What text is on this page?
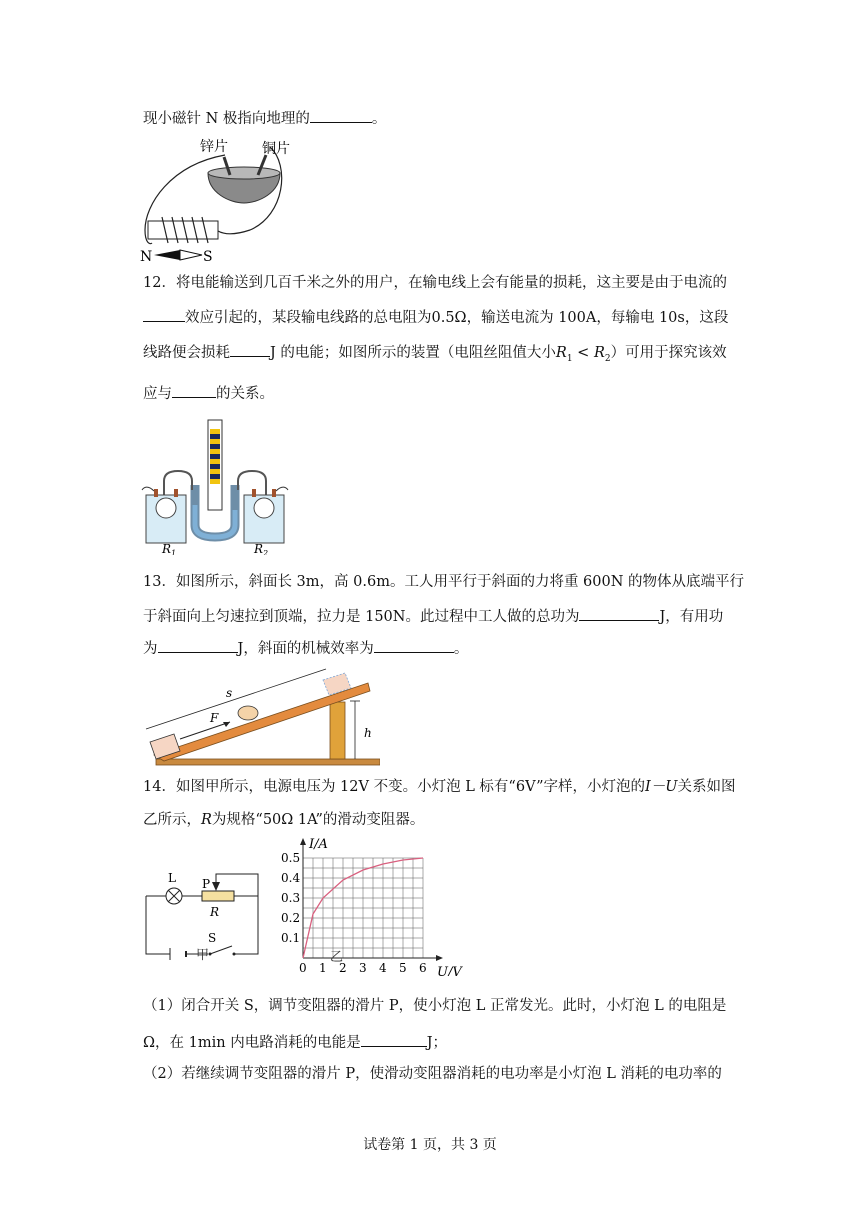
现小磁针 N 极指向地理的	。
锌片 铜片
N	S
12．将电能输送到几百千米之外的用户，在输电线上会有能量的损耗，这主要是由于电流的
效应引起的，某段输电线路的总电阻为0.5Ω，输送电流为 100A，每输电 10s，这段
线路便会损耗	J 的电能；如图所示的装置（电阻丝阻值大小$R_1 < R_2$）可用于探究该效
应与	的关系。
$R_1$	$R_2$
13．如图所示，斜面长 3m，高 0.6m。工人用平行于斜面的力将重 600N 的物体从底端平行
于斜面向上匀速拉到顶端，拉力是 150N。此过程中工人做的总功为	J，有用功
为	J，斜面的机械效率为	。
s
F
h
14．如图甲所示，电源电压为 12V 不变。小灯泡 L 标有“6V”字样，小灯泡的I－U关系如图
乙所示，R为规格“50Ω 1A”的滑动变阻器。
L P
R
S
甲
0 1 2 3 4 5 6
0.1
0.2
0.3
0.4
0.5
I/A
U/V
乙
（1）闭合开关 S，调节变阻器的滑片 P，使小灯泡 L 正常发光。此时，小灯泡 L 的电阻是
Ω，在 1min 内电路消耗的电能是	J；
（2）若继续调节变阻器的滑片 P，使滑动变阻器消耗的电功率是小灯泡 L 消耗的电功率的
试卷第 1 页，共 3 页
